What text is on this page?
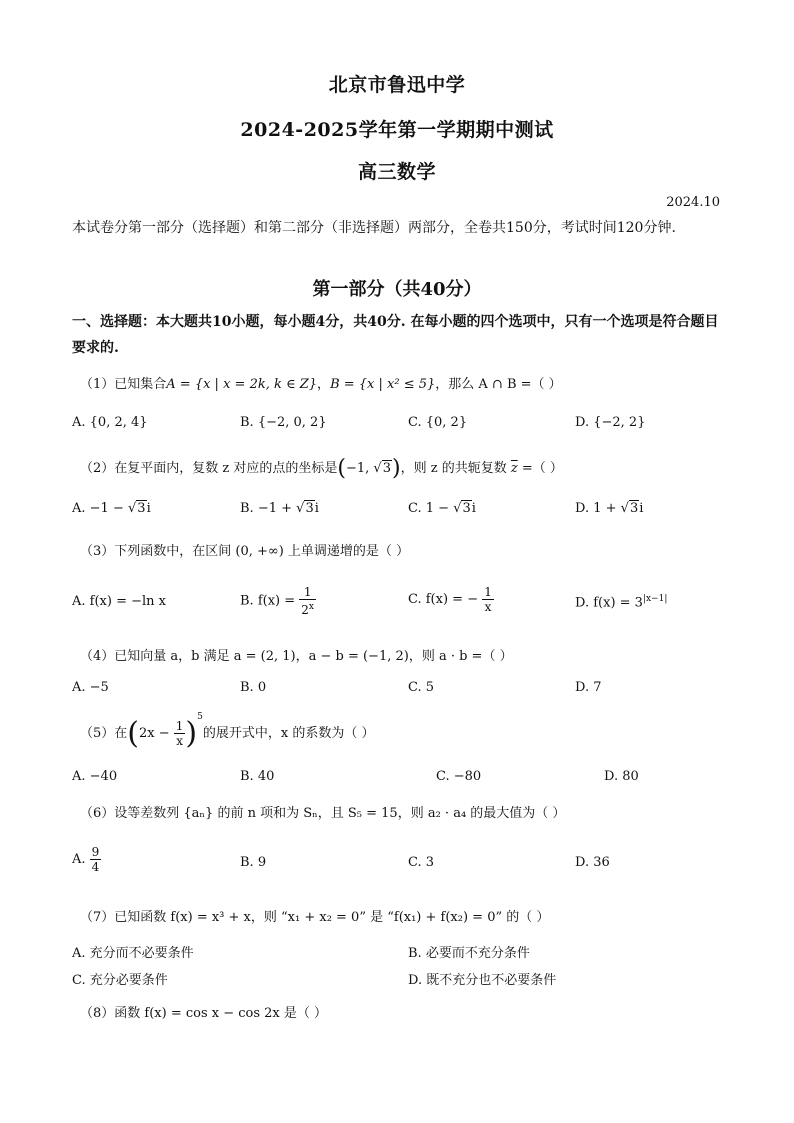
北京市鲁迅中学
2024-2025学年第一学期期中测试
高三数学
2024.10
本试卷分第一部分（选择题）和第二部分（非选择题）两部分，全卷共150分，考试时间120分钟.
第一部分（共40分）
一、选择题：本大题共10小题，每小题4分，共40分. 在每小题的四个选项中，只有一个选项是符合题目要求的.
（1）已知集合A = {x | x = 2k, k ∈ Z}，B = {x | x² ≤ 5}，那么 A ∩ B =（ ）
A. {0, 2, 4}	B. {−2, 0, 2}	C. {0, 2}	D. {−2, 2}
（2）在复平面内，复数 z 对应的点的坐标是(−1, √3)，则 z 的共轭复数 $\overline{z}$ =（ ）
A. −1 − √3i	B. −1 + √3i	C. 1 − √3i	D. 1 + √3i
（3）下列函数中，在区间 (0, +∞) 上单调递增的是（ ）
A. f(x) = −ln x	B. $f(x) = \frac{1}{2^x}$	C. f(x) = − $\frac{1}{x}$	D. $f(x) = 3^{|x-1|}$
（4）已知向量 a，b 满足 a = (2, 1)，a − b = (−1, 2)，则 a · b =（ ）
A. −5	B. 0	C. 5	D. 7
（5）在$(2x - \frac{1}{x} )^5$的展开式中，x 的系数为（ ）
A. −40	B. 40	C. −80	D. 80
（6）设等差数列 {aₙ} 的前 n 项和为 Sₙ，且 S₅ = 15，则 a₂ · a₄ 的最大值为（ ）
A. $\frac{9}{4}$	B. 9	C. 3	D. 36
（7）已知函数 f(x) = x³ + x，则 “x₁ + x₂ = 0” 是 “f(x₁) + f(x₂) = 0” 的（ ）
A. 充分而不必要条件	B. 必要而不充分条件
C. 充分必要条件	D. 既不充分也不必要条件
（8）函数 f(x) = cos x − cos 2x 是（ ）
